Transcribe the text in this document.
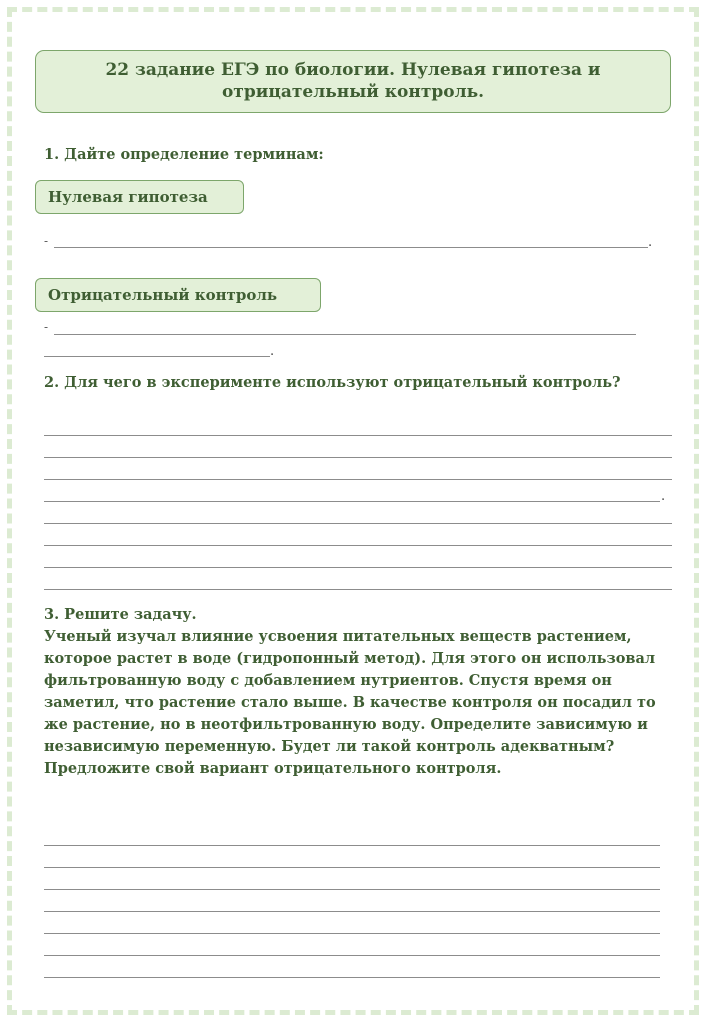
22 задание ЕГЭ по биологии. Нулевая гипотеза и отрицательный контроль.

1. Дайте определение терминам:

Нулевая гипотеза
-	.
Отрицательный контроль
-
.

2. Для чего в эксперименте используют отрицательный контроль?

.
3. Решите задачу.
Ученый изучал влияние усвоения питательных веществ растением, которое растет в воде (гидропонный метод). Для этого он использовал фильтрованную воду с добавлением нутриентов. Спустя время он заметил, что растение стало выше. В качестве контроля он посадил то же растение, но в неотфильтрованную воду. Определите зависимую и независимую переменную. Будет ли такой контроль адекватным? Предложите свой вариант отрицательного контроля.
